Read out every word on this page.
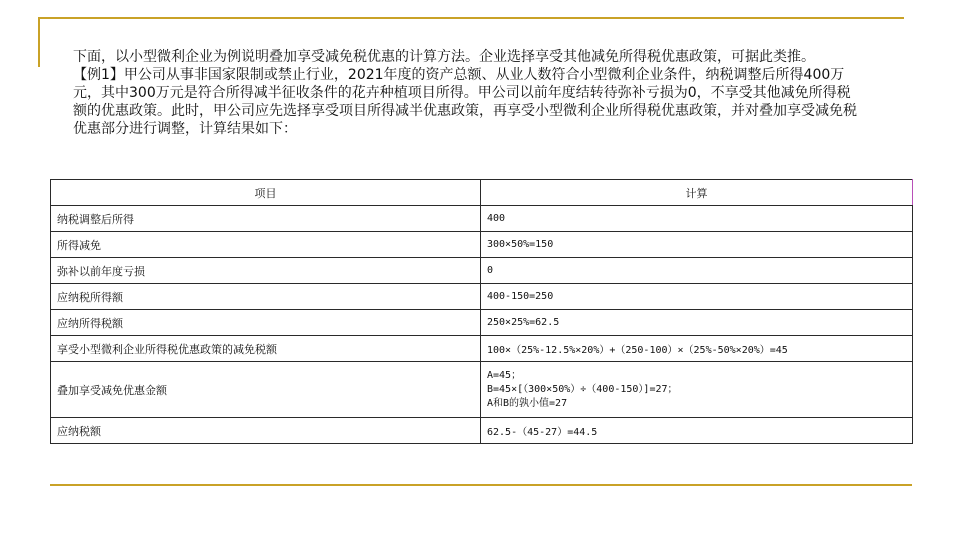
下面，以小型微利企业为例说明叠加享受减免税优惠的计算方法。企业选择享受其他减免所得税优惠政策，可据此类推。

【例1】甲公司从事非国家限制或禁止行业，2021年度的资产总额、从业人数符合小型微利企业条件，纳税调整后所得400万元，其中300万元是符合所得减半征收条件的花卉种植项目所得。甲公司以前年度结转待弥补亏损为0，不享受其他减免所得税额的优惠政策。此时，甲公司应先选择享受项目所得减半优惠政策，再享受小型微利企业所得税优惠政策，并对叠加享受减免税优惠部分进行调整，计算结果如下：

项目	计算
纳税调整后所得	400
所得减免	300×50%=150
弥补以前年度亏损	0
应纳税所得额	400-150=250
应纳所得税额	250×25%=62.5
享受小型微利企业所得税优惠政策的减免税额	100×（25%-12.5%×20%）+（250-100）×（25%-50%×20%）=45
叠加享受减免优惠金额	A=45；
B=45×[（300×50%）÷（400-150）]=27；
A和B的孰小值=27

应纳税额	62.5-（45-27）=44.5
